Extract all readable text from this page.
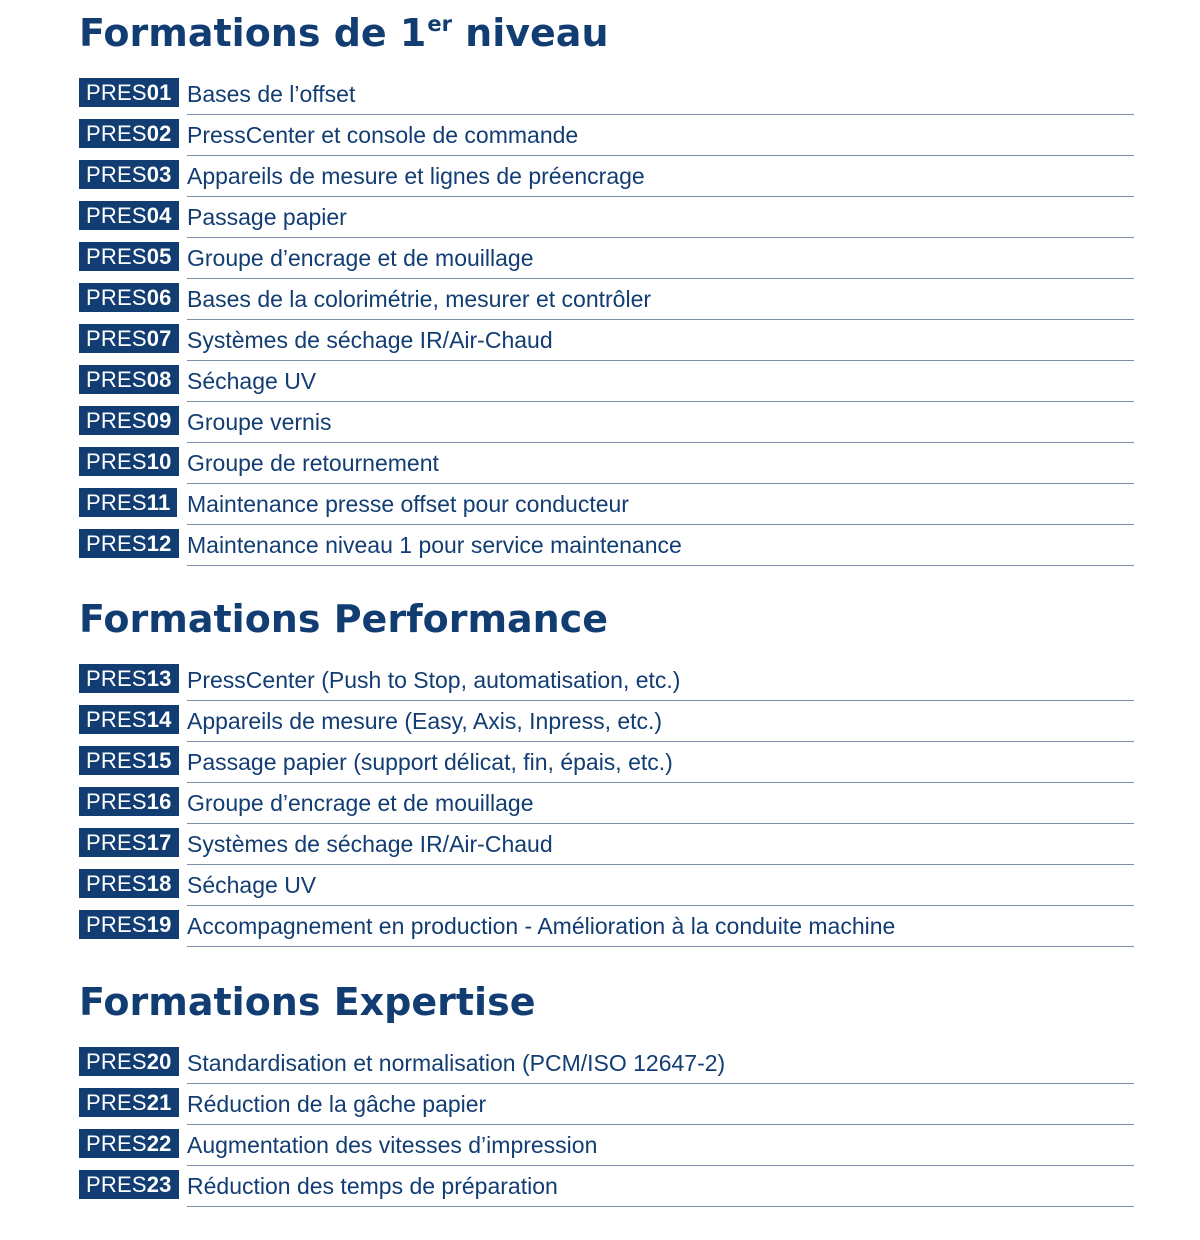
Formations de 1er niveau
PRES01 Bases de l’offset
PRES02 PressCenter et console de commande
PRES03 Appareils de mesure et lignes de préencrage
PRES04 Passage papier
PRES05 Groupe d’encrage et de mouillage
PRES06 Bases de la colorimétrie, mesurer et contrôler
PRES07 Systèmes de séchage IR/Air-Chaud
PRES08 Séchage UV
PRES09 Groupe vernis
PRES10 Groupe de retournement
PRES11 Maintenance presse offset pour conducteur
PRES12 Maintenance niveau 1 pour service maintenance
Formations Performance
PRES13 PressCenter (Push to Stop, automatisation, etc.)
PRES14 Appareils de mesure (Easy, Axis, Inpress, etc.)
PRES15 Passage papier (support délicat, fin, épais, etc.)
PRES16 Groupe d’encrage et de mouillage
PRES17 Systèmes de séchage IR/Air-Chaud
PRES18 Séchage UV
PRES19 Accompagnement en production - Amélioration à la conduite machine
Formations Expertise
PRES20 Standardisation et normalisation (PCM/ISO 12647-2)
PRES21 Réduction de la gâche papier
PRES22 Augmentation des vitesses d’impression
PRES23 Réduction des temps de préparation
